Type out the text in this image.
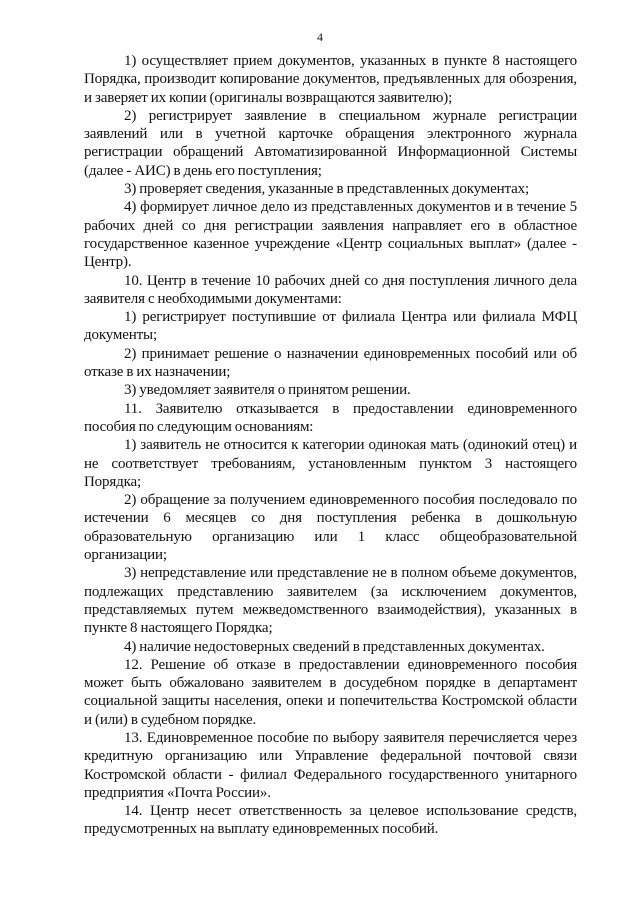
4

1) осуществляет прием документов, указанных в пункте 8 настоящего Порядка, производит копирование документов, предъявленных для обозрения, и заверяет их копии (оригиналы возвращаются заявителю);

2) регистрирует заявление в специальном журнале регистрации заявлений или в учетной карточке обращения электронного журнала регистрации обращений Автоматизированной Информационной Системы (далее - АИС) в день его поступления;

3) проверяет сведения, указанные в представленных документах;

4) формирует личное дело из представленных документов и в течение 5 рабочих дней со дня регистрации заявления направляет его в областное государственное казенное учреждение «Центр социальных выплат» (далее - Центр).

10. Центр в течение 10 рабочих дней со дня поступления личного дела заявителя с необходимыми документами:

1) регистрирует поступившие от филиала Центра или филиала МФЦ документы;

2) принимает решение о назначении единовременных пособий или об отказе в их назначении;

3) уведомляет заявителя о принятом решении.

11. Заявителю отказывается в предоставлении единовременного пособия по следующим основаниям:

1) заявитель не относится к категории одинокая мать (одинокий отец) и не соответствует требованиям, установленным пунктом 3 настоящего Порядка;

2) обращение за получением единовременного пособия последовало по истечении 6 месяцев со дня поступления ребенка в дошкольную образовательную организацию или 1 класс общеобразовательной организации;

3) непредставление или представление не в полном объеме документов, подлежащих представлению заявителем (за исключением документов, представляемых путем межведомственного взаимодействия), указанных в пункте 8 настоящего Порядка;

4) наличие недостоверных сведений в представленных документах.

12. Решение об отказе в предоставлении единовременного пособия может быть обжаловано заявителем в досудебном порядке в департамент социальной защиты населения, опеки и попечительства Костромской области и (или) в судебном порядке.

13. Единовременное пособие по выбору заявителя перечисляется через кредитную организацию или Управление федеральной почтовой связи Костромской области - филиал Федерального государственного унитарного предприятия «Почта России».

14. Центр несет ответственность за целевое использование средств, предусмотренных на выплату единовременных пособий.
